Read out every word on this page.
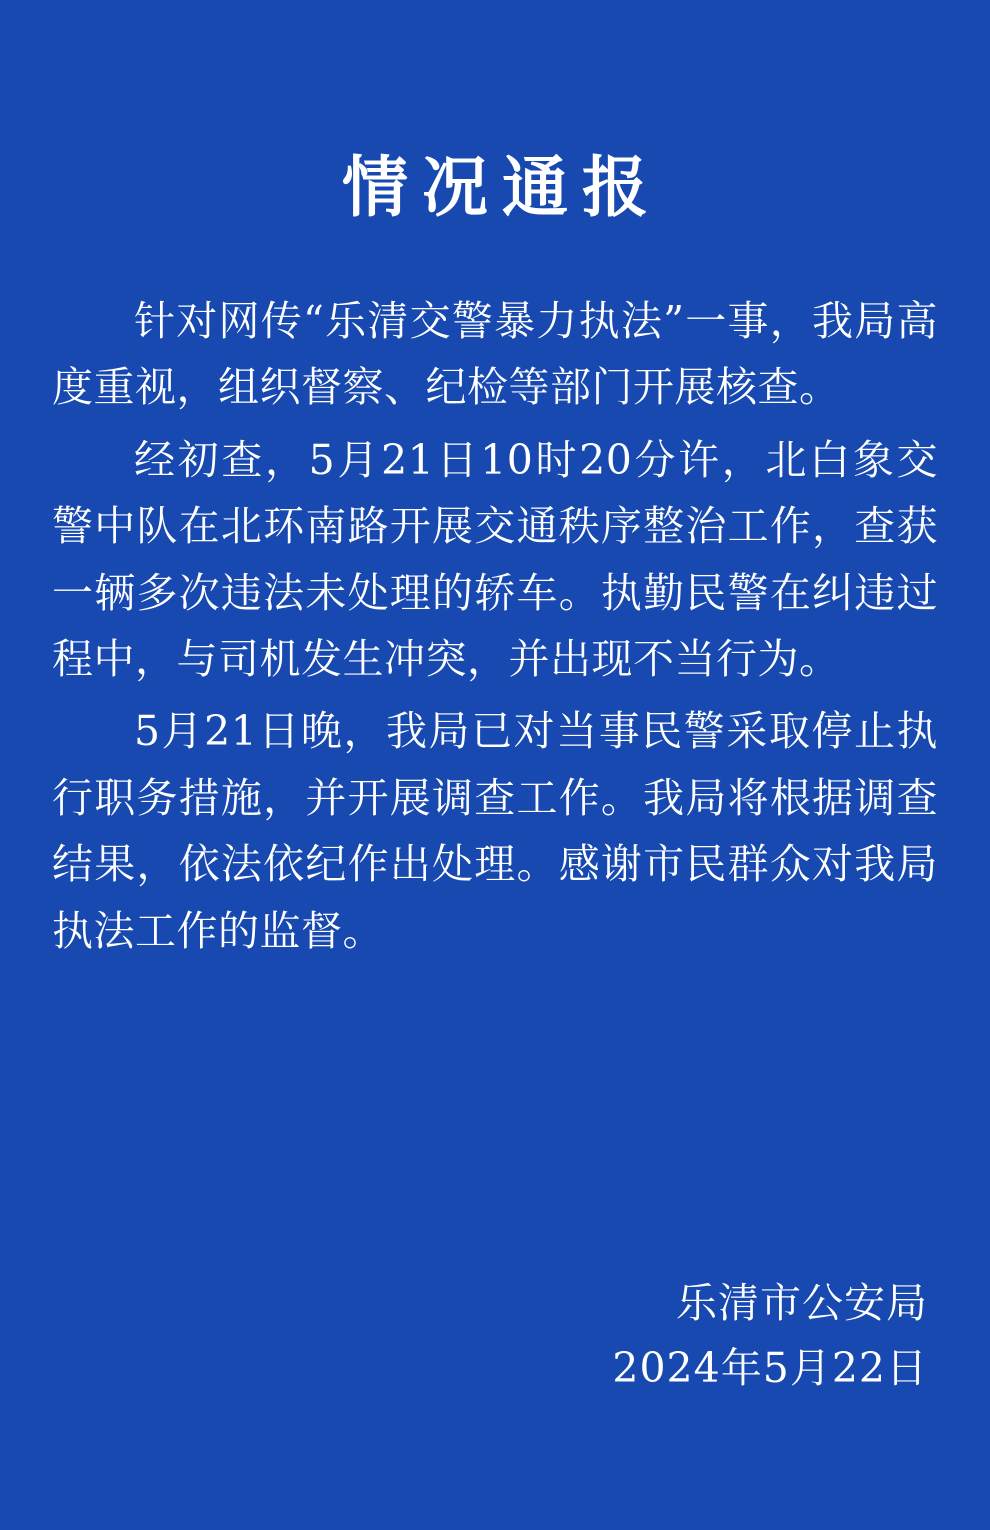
情况通报

针对网传“乐清交警暴力执法”一事，我局高度重视，组织督察、纪检等部门开展核查。

经初查，5月21日10时20分许，北白象交警中队在北环南路开展交通秩序整治工作，查获一辆多次违法未处理的轿车。执勤民警在纠违过程中，与司机发生冲突，并出现不当行为。

5月21日晚，我局已对当事民警采取停止执行职务措施，并开展调查工作。我局将根据调查结果，依法依纪作出处理。感谢市民群众对我局执法工作的监督。

乐清市公安局
2024年5月22日
